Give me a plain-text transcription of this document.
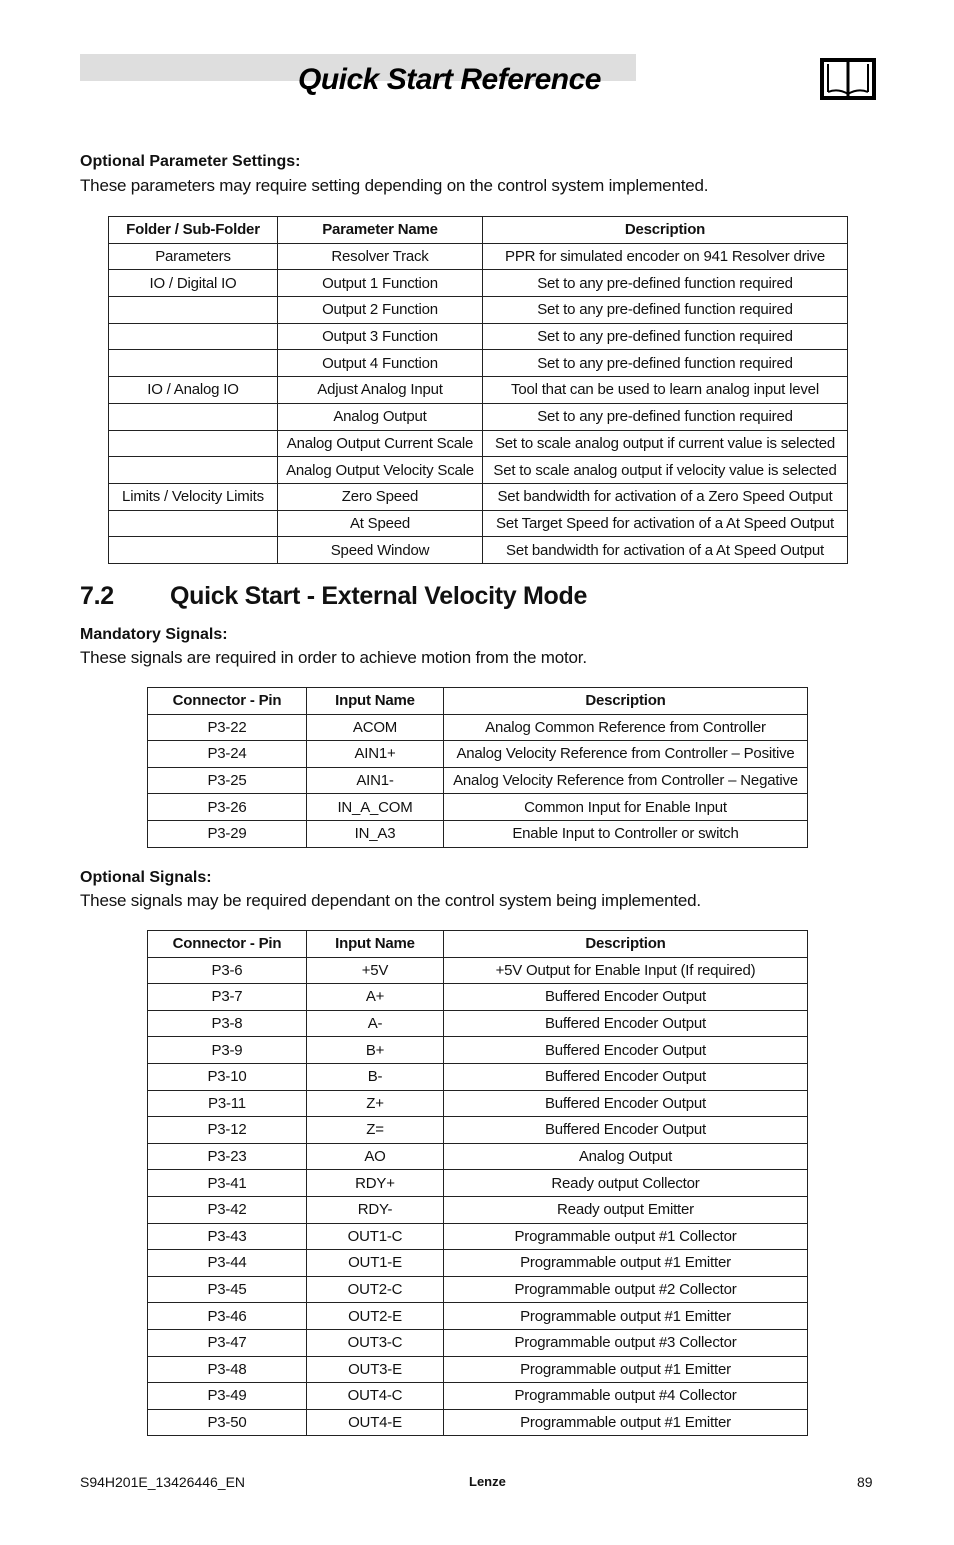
Quick Start Reference
Optional Parameter Settings:
These parameters may require setting depending on the control system implemented.
Folder / Sub-Folder	Parameter Name	Description
Parameters	Resolver Track	PPR for simulated encoder on 941 Resolver drive
IO / Digital IO	Output 1 Function	Set to any pre-defined function required
	Output 2 Function	Set to any pre-defined function required
	Output 3 Function	Set to any pre-defined function required
	Output 4 Function	Set to any pre-defined function required
IO / Analog IO	Adjust Analog Input	Tool that can be used to learn analog input level
	Analog Output	Set to any pre-defined function required
	Analog Output Current Scale	Set to scale analog output if current value is selected
	Analog Output Velocity Scale	Set to scale analog output if velocity value is selected
Limits / Velocity Limits	Zero Speed	Set bandwidth for activation of a Zero Speed Output
	At Speed	Set Target Speed for activation of a At Speed Output
	Speed Window	Set bandwidth for activation of a At Speed Output
7.2 Quick Start - External Velocity Mode
Mandatory Signals:
These signals are required in order to achieve motion from the motor.
Connector - Pin	Input Name	Description
P3-22	ACOM	Analog Common Reference from Controller
P3-24	AIN1+	Analog Velocity Reference from Controller – Positive
P3-25	AIN1-	Analog Velocity Reference from Controller – Negative
P3-26	IN_A_COM	Common Input for Enable Input
P3-29	IN_A3	Enable Input to Controller or switch
Optional Signals:
These signals may be required dependant on the control system being implemented.
Connector - Pin	Input Name	Description
P3-6	+5V	+5V Output for Enable Input (If required)
P3-7	A+	Buffered Encoder Output
P3-8	A-	Buffered Encoder Output
P3-9	B+	Buffered Encoder Output
P3-10	B-	Buffered Encoder Output
P3-11	Z+	Buffered Encoder Output
P3-12	Z=	Buffered Encoder Output
P3-23	AO	Analog Output
P3-41	RDY+	Ready output Collector
P3-42	RDY-	Ready output Emitter
P3-43	OUT1-C	Programmable output #1 Collector
P3-44	OUT1-E	Programmable output #1 Emitter
P3-45	OUT2-C	Programmable output #2 Collector
P3-46	OUT2-E	Programmable output #1 Emitter
P3-47	OUT3-C	Programmable output #3 Collector
P3-48	OUT3-E	Programmable output #1 Emitter
P3-49	OUT4-C	Programmable output #4 Collector
P3-50	OUT4-E	Programmable output #1 Emitter
S94H201E_13426446_EN	Lenze	89
